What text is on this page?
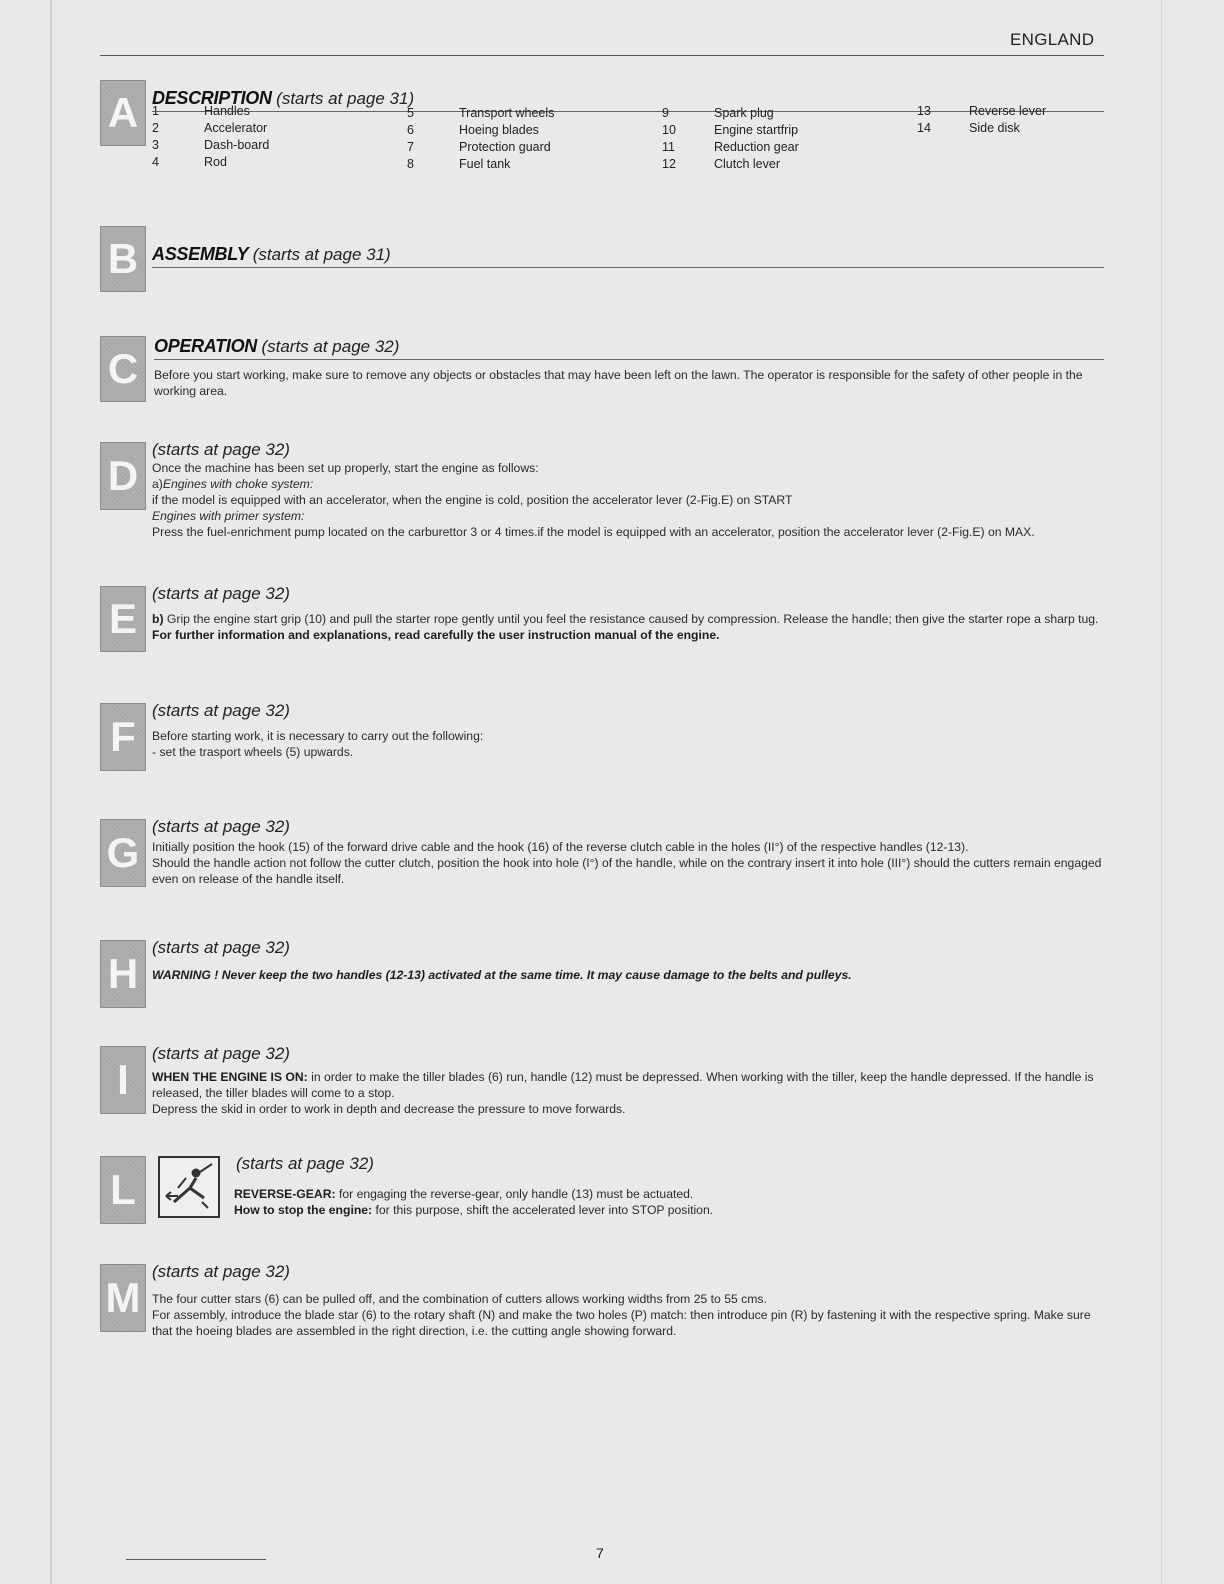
ENGLAND
A DESCRIPTION (starts at page 31)
1	Handles
2	Accelerator
3	Dash-board
4	Rod
5	Transport wheels
6	Hoeing blades
7	Protection guard
8	Fuel tank
9	Spark plug
10	Engine startfrip
11	Reduction gear
12	Clutch lever
13	Reverse lever
14	Side disk
B ASSEMBLY (starts at page 31)
C OPERATION (starts at page 32)

Before you start working, make sure to remove any objects or obstacles that may have been left on the lawn. The operator is responsible for the safety of other people in the working area.

D
(starts at page 32)

Once the machine has been set up properly, start the engine as follows:

a)Engines with choke system:

if the model is equipped with an accelerator, when the engine is cold, position the accelerator lever (2-Fig.E) on START

Engines with primer system:

Press the fuel-enrichment pump located on the carburettor 3 or 4 times.if the model is equipped with an accelerator, position the accelerator lever (2-Fig.E) on MAX.

E
(starts at page 32)

b) Grip the engine start grip (10) and pull the starter rope gently until you feel the resistance caused by compression. Release the handle; then give the starter rope a sharp tug.

For further information and explanations, read carefully the user instruction manual of the engine.

F
(starts at page 32)

Before starting work, it is necessary to carry out the following:

- set the trasport wheels (5) upwards.

G
(starts at page 32)

Initially position the hook (15) of the forward drive cable and the hook (16) of the reverse clutch cable in the holes (II°) of the respective handles (12-13).

Should the handle action not follow the cutter clutch, position the hook into hole (I°) of the handle, while on the contrary insert it into hole (III°) should the cutters remain engaged even on release of the handle itself.

H
(starts at page 32)

WARNING ! Never keep the two handles (12-13) activated at the same time. It may cause damage to the belts and pulleys.

I
(starts at page 32)

WHEN THE ENGINE IS ON: in order to make the tiller blades (6) run, handle (12) must be depressed. When working with the tiller, keep the handle depressed. If the handle is released, the tiller blades will come to a stop.

Depress the skid in order to work in depth and decrease the pressure to move forwards.

L
(starts at page 32)

REVERSE-GEAR: for engaging the reverse-gear, only handle (13) must be actuated.

How to stop the engine: for this purpose, shift the accelerated lever into STOP position.

M
(starts at page 32)

The four cutter stars (6) can be pulled off, and the combination of cutters allows working widths from 25 to 55 cms.

For assembly, introduce the blade star (6) to the rotary shaft (N) and make the two holes (P) match: then introduce pin (R) by fastening it with the respective spring. Make sure that the hoeing blades are assembled in the right direction, i.e. the cutting angle showing forward.

7
